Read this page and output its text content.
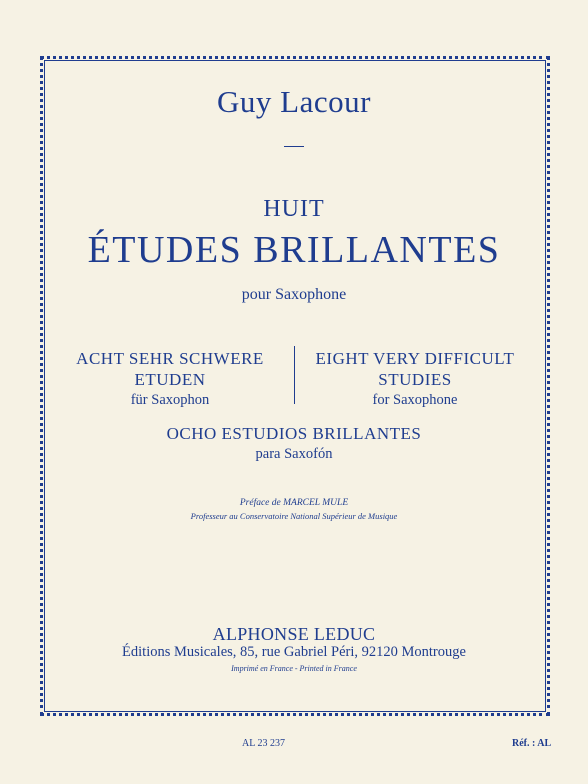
Guy Lacour
HUIT
ÉTUDES BRILLANTES
pour Saxophone
ACHT SEHR SCHWERE
ETUDEN
für Saxophon
EIGHT VERY DIFFICULT
STUDIES
for Saxophone
OCHO ESTUDIOS BRILLANTES
para Saxofón
Préface de MARCEL MULE
Professeur au Conservatoire National Supérieur de Musique
ALPHONSE LEDUC
Éditions Musicales, 85, rue Gabriel Péri, 92120 Montrouge
Imprimé en France - Printed in France
AL 23 237	Réf. : AL
